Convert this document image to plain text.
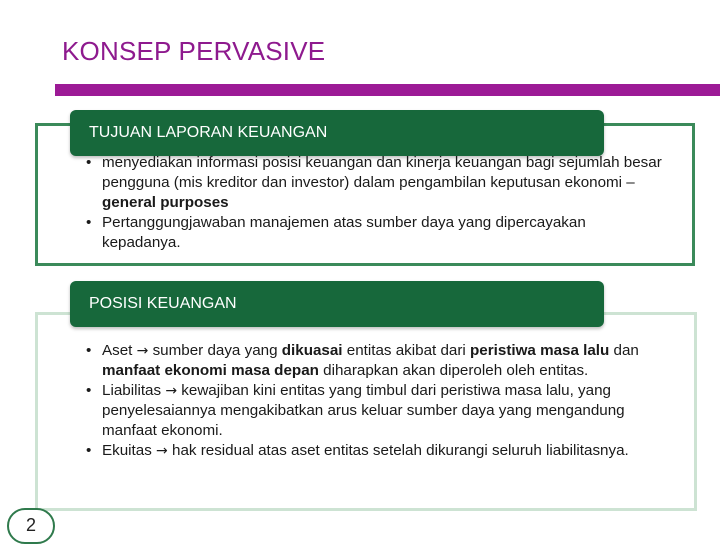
KONSEP PERVASIVE
TUJUAN LAPORAN KEUANGAN
• menyediakan informasi posisi keuangan dan kinerja keuangan bagi sejumlah besar pengguna (mis kreditor dan investor) dalam pengambilan keputusan ekonomi – general purposes
• Pertanggungjawaban manajemen atas sumber daya yang dipercayakan kepadanya.
POSISI KEUANGAN
• Aset → sumber daya yang dikuasai entitas akibat dari peristiwa masa lalu dan manfaat ekonomi masa depan diharapkan akan diperoleh oleh entitas.
• Liabilitas → kewajiban kini entitas yang timbul dari peristiwa masa lalu, yang penyelesaiannya mengakibatkan arus keluar sumber daya yang mengandung manfaat ekonomi.
• Ekuitas → hak residual atas aset entitas setelah dikurangi seluruh liabilitasnya.
2
